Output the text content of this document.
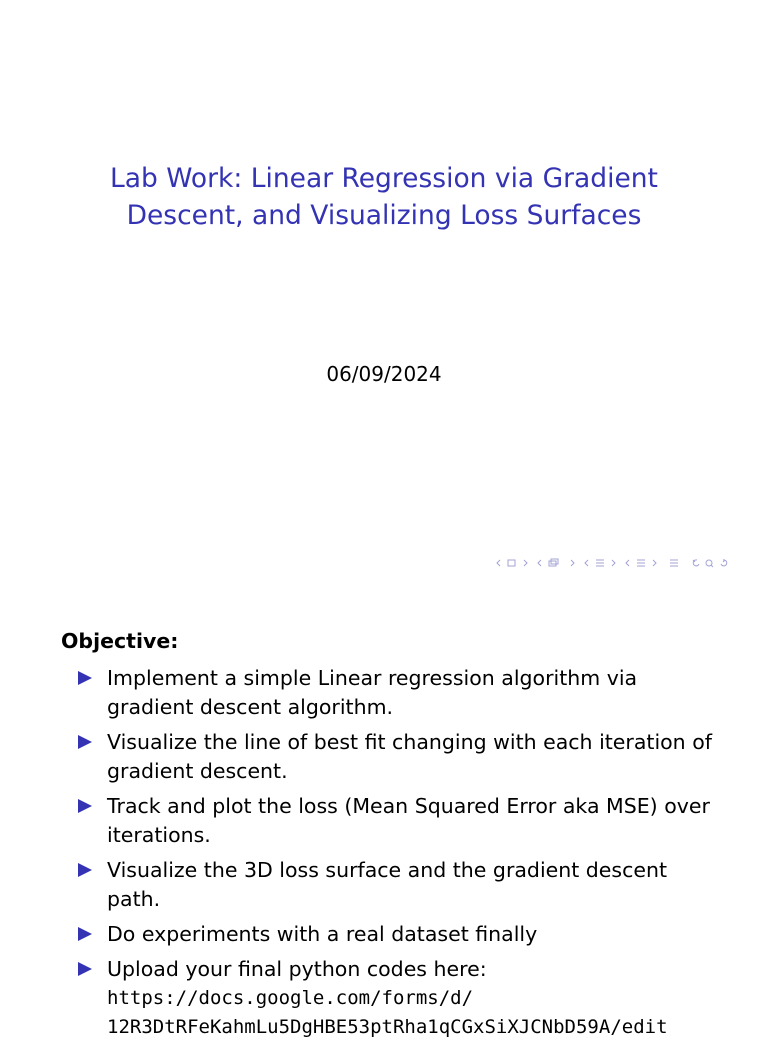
Lab Work: Linear Regression via Gradient Descent, and Visualizing Loss Surfaces
06/09/2024
Objective:
Implement a simple Linear regression algorithm via gradient descent algorithm.
Visualize the line of best fit changing with each iteration of gradient descent.
Track and plot the loss (Mean Squared Error aka MSE) over iterations.
Visualize the 3D loss surface and the gradient descent path.
Do experiments with a real dataset finally
Upload your final python codes here:
https://docs.google.com/forms/d/
12R3DtRFeKahmLu5DgHBE53ptRha1qCGxSiXJCNbD59A/edit
